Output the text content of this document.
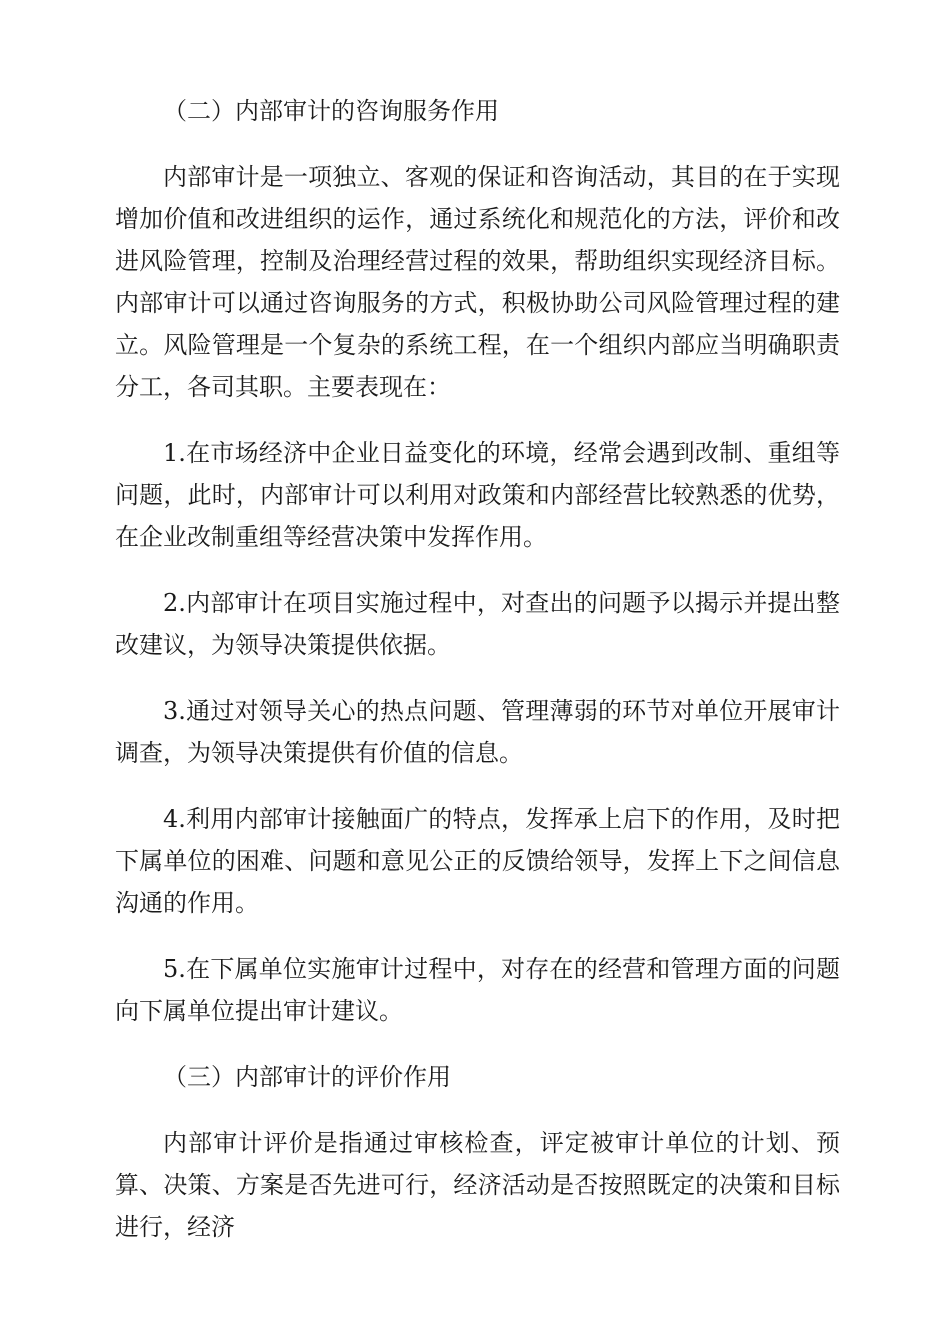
（二）内部审计的咨询服务作用

内部审计是一项独立、客观的保证和咨询活动，其目的在于实现增加价值和改进组织的运作，通过系统化和规范化的方法，评价和改进风险管理，控制及治理经营过程的效果，帮助组织实现经济目标。内部审计可以通过咨询服务的方式，积极协助公司风险管理过程的建立。风险管理是一个复杂的系统工程，在一个组织内部应当明确职责分工，各司其职。主要表现在：

1.在市场经济中企业日益变化的环境，经常会遇到改制、重组等问题，此时，内部审计可以利用对政策和内部经营比较熟悉的优势，在企业改制重组等经营决策中发挥作用。

2.内部审计在项目实施过程中，对查出的问题予以揭示并提出整改建议，为领导决策提供依据。

3.通过对领导关心的热点问题、管理薄弱的环节对单位开展审计调查，为领导决策提供有价值的信息。

4.利用内部审计接触面广的特点，发挥承上启下的作用，及时把下属单位的困难、问题和意见公正的反馈给领导，发挥上下之间信息沟通的作用。

5.在下属单位实施审计过程中，对存在的经营和管理方面的问题向下属单位提出审计建议。

（三）内部审计的评价作用

内部审计评价是指通过审核检查，评定被审计单位的计划、预算、决策、方案是否先进可行，经济活动是否按照既定的决策和目标进行，经济
